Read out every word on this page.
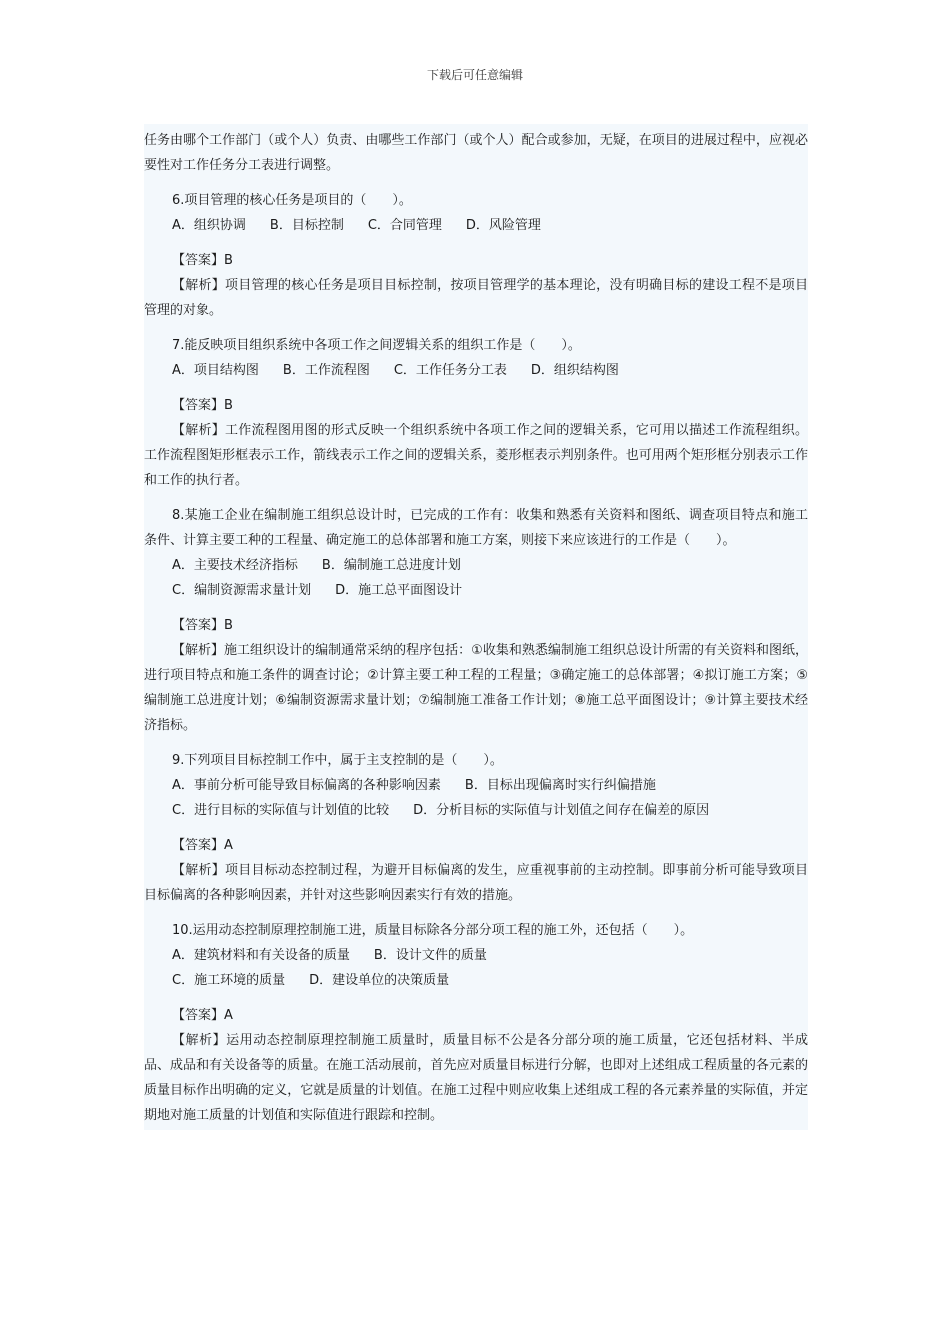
下载后可任意编辑

任务由哪个工作部门（或个人）负责、由哪些工作部门（或个人）配合或参加，无疑，在项目的进展过程中，应视必要性对工作任务分工表进行调整。

6.项目管理的核心任务是项目的（　　）。

A．组织协调 B．目标控制 C．合同管理 D．风险管理

【答案】B

【解析】项目管理的核心任务是项目目标控制，按项目管理学的基本理论，没有明确目标的建设工程不是项目管理的对象。

7.能反映项目组织系统中各项工作之间逻辑关系的组织工作是（　　）。

A．项目结构图 B．工作流程图 C．工作任务分工表 D．组织结构图

【答案】B

【解析】工作流程图用图的形式反映一个组织系统中各项工作之间的逻辑关系，它可用以描述工作流程组织。工作流程图矩形框表示工作，箭线表示工作之间的逻辑关系，菱形框表示判别条件。也可用两个矩形框分别表示工作和工作的执行者。

8.某施工企业在编制施工组织总设计时，已完成的工作有：收集和熟悉有关资料和图纸、调查项目特点和施工条件、计算主要工种的工程量、确定施工的总体部署和施工方案，则接下来应该进行的工作是（　　）。

A．主要技术经济指标 B．编制施工总进度计划

C．编制资源需求量计划 D．施工总平面图设计

【答案】B

【解析】施工组织设计的编制通常采纳的程序包括：①收集和熟悉编制施工组织总设计所需的有关资料和图纸，进行项目特点和施工条件的调查讨论；②计算主要工种工程的工程量；③确定施工的总体部署；④拟订施工方案；⑤编制施工总进度计划；⑥编制资源需求量计划；⑦编制施工准备工作计划；⑧施工总平面图设计；⑨计算主要技术经济指标。

9.下列项目目标控制工作中，属于主支控制的是（　　）。

A．事前分析可能导致目标偏离的各种影响因素 B．目标出现偏离时实行纠偏措施

C．进行目标的实际值与计划值的比较 D．分析目标的实际值与计划值之间存在偏差的原因

【答案】A

【解析】项目目标动态控制过程，为避开目标偏离的发生，应重视事前的主动控制。即事前分析可能导致项目目标偏离的各种影响因素，并针对这些影响因素实行有效的措施。

10.运用动态控制原理控制施工进，质量目标除各分部分项工程的施工外，还包括（　　）。

A．建筑材料和有关设备的质量 B．设计文件的质量

C．施工环境的质量 D．建设单位的决策质量

【答案】A

【解析】运用动态控制原理控制施工质量时，质量目标不公是各分部分项的施工质量，它还包括材料、半成品、成品和有关设备等的质量。在施工活动展前，首先应对质量目标进行分解，也即对上述组成工程质量的各元素的质量目标作出明确的定义，它就是质量的计划值。在施工过程中则应收集上述组成工程的各元素养量的实际值，并定期地对施工质量的计划值和实际值进行跟踪和控制。
